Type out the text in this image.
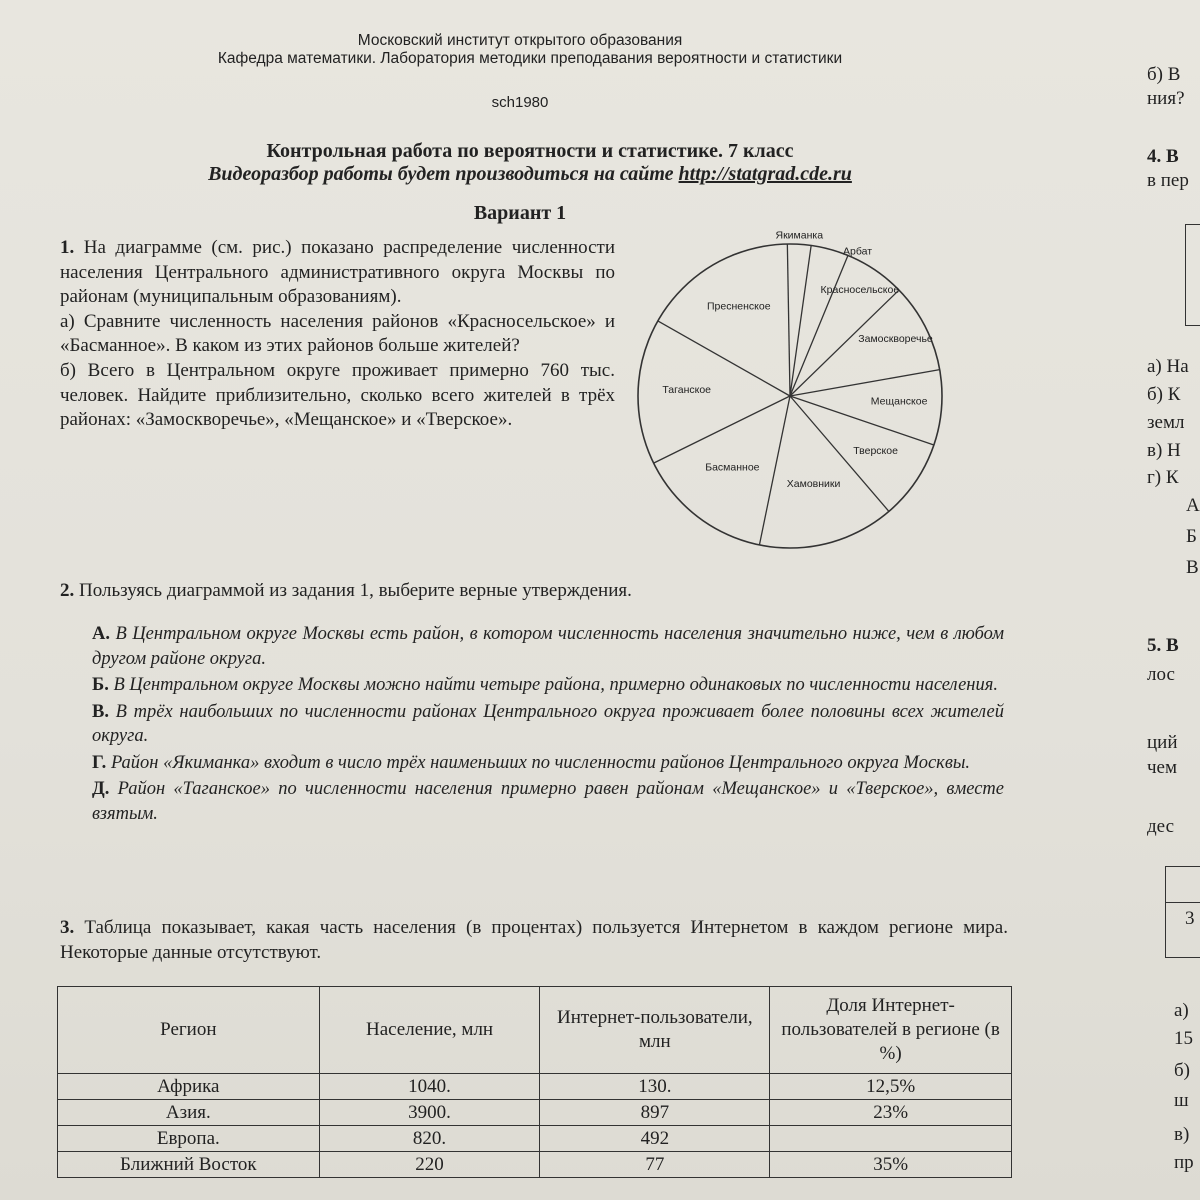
Московский институт открытого образования
Кафедра математики. Лаборатория методики преподавания вероятности и статистики
sch1980
Контрольная работа по вероятности и статистике. 7 класс
Видеоразбор работы будет производиться на сайте http://statgrad.cde.ru
Вариант 1

1. На диаграмме (см. рис.) показано распределение численности населения Центрального административного округа Москвы по районам (муниципальным образованиям).

а) Сравните численность населения районов «Красносельское» и «Басманное». В каком из этих районов больше жителей?

б) Всего в Центральном округе проживает примерно 760 тыс. человек. Найдите приблизительно, сколько всего жителей в трёх районах: «Замоскворечье», «Мещанское» и «Тверское».

Якиманка
Арбат
Красносельское
Замоскворечье
Мещанское
Тверское
Хамовники
Басманное
Таганское
Пресненское
2. Пользуясь диаграммой из задания 1, выберите верные утверждения.

А. В Центральном округе Москвы есть район, в котором численность населения значительно ниже, чем в любом другом районе округа.

Б. В Центральном округе Москвы можно найти четыре района, примерно одинаковых по численности населения.

В. В трёх наибольших по численности районах Центрального округа проживает более половины всех жителей округа.

Г. Район «Якиманка» входит в число трёх наименьших по численности районов Центрального округа Москвы.

Д. Район «Таганское» по численности населения примерно равен районам «Мещанское» и «Тверское», вместе взятым.

3. Таблица показывает, какая часть населения (в процентах) пользуется Интернетом в каждом регионе мира. Некоторые данные отсутствуют.
Регион	Население, млн	Интернет-пользователи, млн	Доля Интернет-пользователей в регионе (в %)
Африка	1040.	130.	12,5%
Азия.	3900.	897	23%
Европа.	820.	492	
Ближний Восток	220	77	35%
б) В
ния?
4. В
в пер
а) На
б) К
земл
в) Н
г) К
А
Б
В
5. В
лос
ций
чем
дес
3
а)
15
б)
ш
в)
пр
